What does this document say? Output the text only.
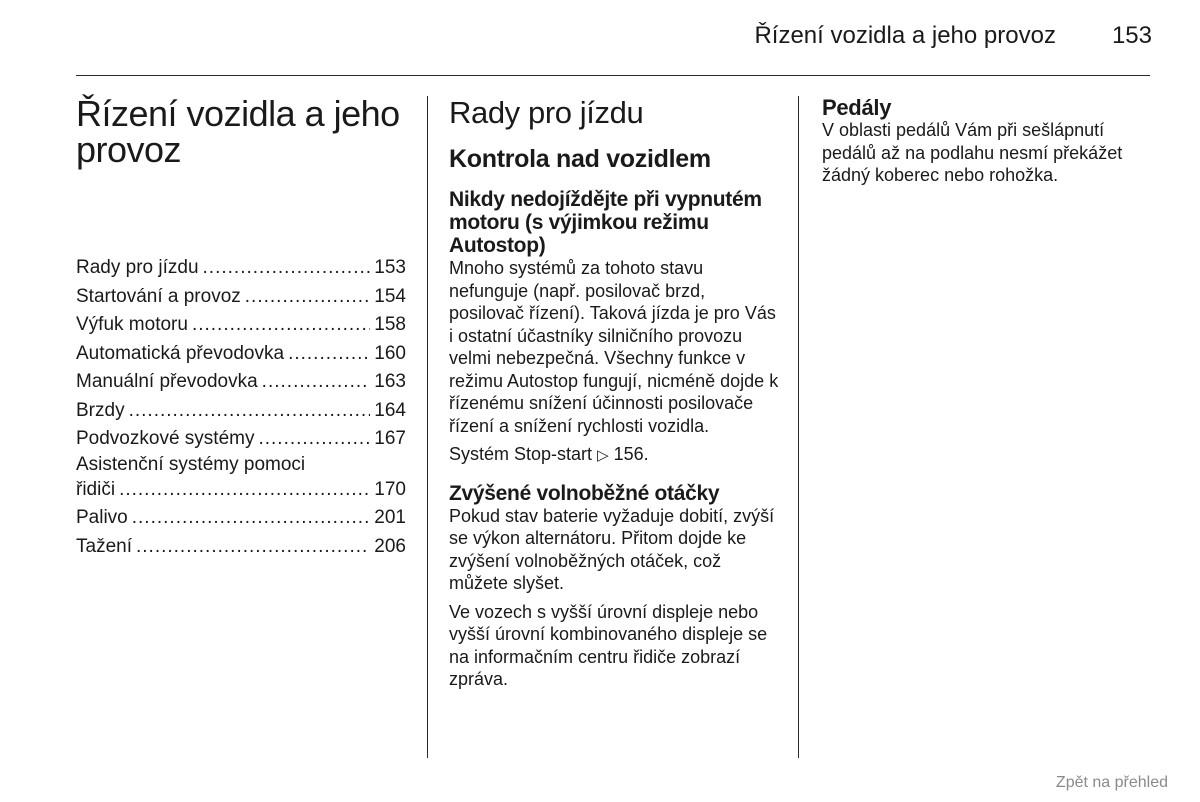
Řízení vozidla a jeho provoz 153
Řízení vozidla a jeho provoz
Rady pro jízdu .....	153
Startování a provoz .....	154
Výfuk motoru .....	158
Automatická převodovka .....	160
Manuální převodovka .....	163
Brzdy .....	164
Podvozkové systémy .....	167
Asistenční systémy pomoci
řidiči .....	170
Palivo .....	201
Tažení .....	206
Rady pro jízdu
Kontrola nad vozidlem
Nikdy nedojíždějte při vypnutém motoru (s výjimkou režimu Autostop)

Mnoho systémů za tohoto stavu nefunguje (např. posilovač brzd, posilovač řízení). Taková jízda je pro Vás i ostatní účastníky silničního provozu velmi nebezpečná. Všechny funkce v režimu Autostop fungují, nicméně dojde k řízenému snížení účinnosti posilovače řízení a snížení rychlosti vozidla.

Systém Stop-start ▷ 156.

Zvýšené volnoběžné otáčky

Pokud stav baterie vyžaduje dobití, zvýší se výkon alternátoru. Přitom dojde ke zvýšení volnoběžných otáček, což můžete slyšet.

Ve vozech s vyšší úrovní displeje nebo vyšší úrovní kombinovaného displeje se na informačním centru řidiče zobrazí zpráva.

Pedály

V oblasti pedálů Vám při sešlápnutí pedálů až na podlahu nesmí překážet žádný koberec nebo rohožka.

Zpět na přehled
